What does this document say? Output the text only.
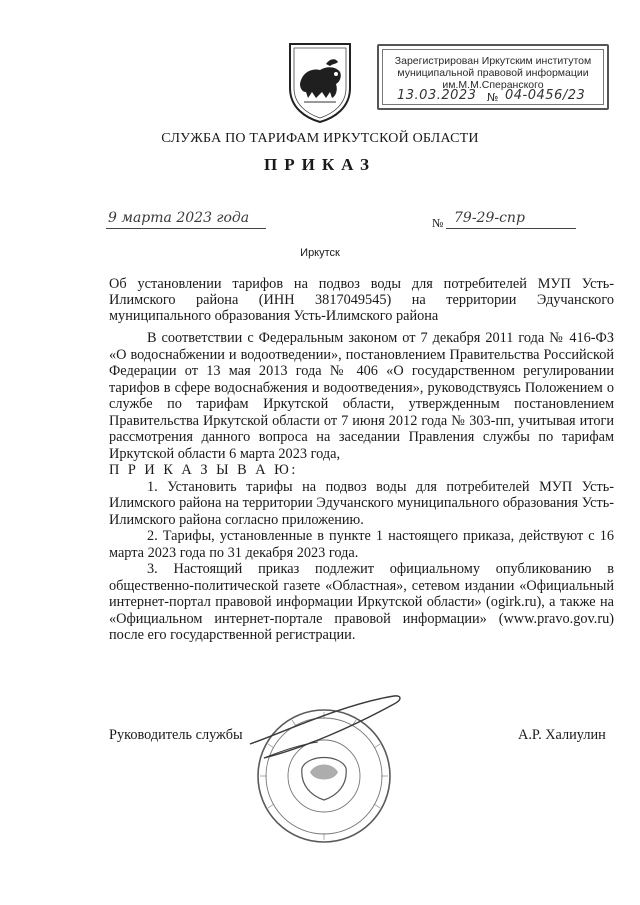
Зарегистрирован Иркутским институтом
муниципальной правовой информации
им.М.М.Сперанского
13.03.2023 № 04-0456/23
СЛУЖБА ПО ТАРИФАМ ИРКУТСКОЙ ОБЛАСТИ
ПРИКАЗ
9 марта 2023 года	№ 79-29-спр
Иркутск
Об установлении тарифов на подвоз воды для потребителей МУП Усть-Илимского района (ИНН 3817049545) на территории Эдучанского муниципального образования Усть-Илимского района

В соответствии с Федеральным законом от 7 декабря 2011 года № 416-ФЗ «О водоснабжении и водоотведении», постановлением Правительства Российской Федерации от 13 мая 2013 года № 406 «О государственном регулировании тарифов в сфере водоснабжения и водоотведения», руководствуясь Положением о службе по тарифам Иркутской области, утвержденным постановлением Правительства Иркутской области от 7 июня 2012 года № 303-пп, учитывая итоги рассмотрения данного вопроса на заседании Правления службы по тарифам Иркутской области 6 марта 2023 года,

П Р И К А З Ы В А Ю:

1. Установить тарифы на подвоз воды для потребителей МУП Усть-Илимского района на территории Эдучанского муниципального образования Усть-Илимского района согласно приложению.

2. Тарифы, установленные в пункте 1 настоящего приказа, действуют с 16 марта 2023 года по 31 декабря 2023 года.

3. Настоящий приказ подлежит официальному опубликованию в общественно-политической газете «Областная», сетевом издании «Официальный интернет-портал правовой информации Иркутской области» (ogirk.ru), а также на «Официальном интернет-портале правовой информации» (www.pravo.gov.ru) после его государственной регистрации.

Руководитель службы	А.Р. Халиулин
